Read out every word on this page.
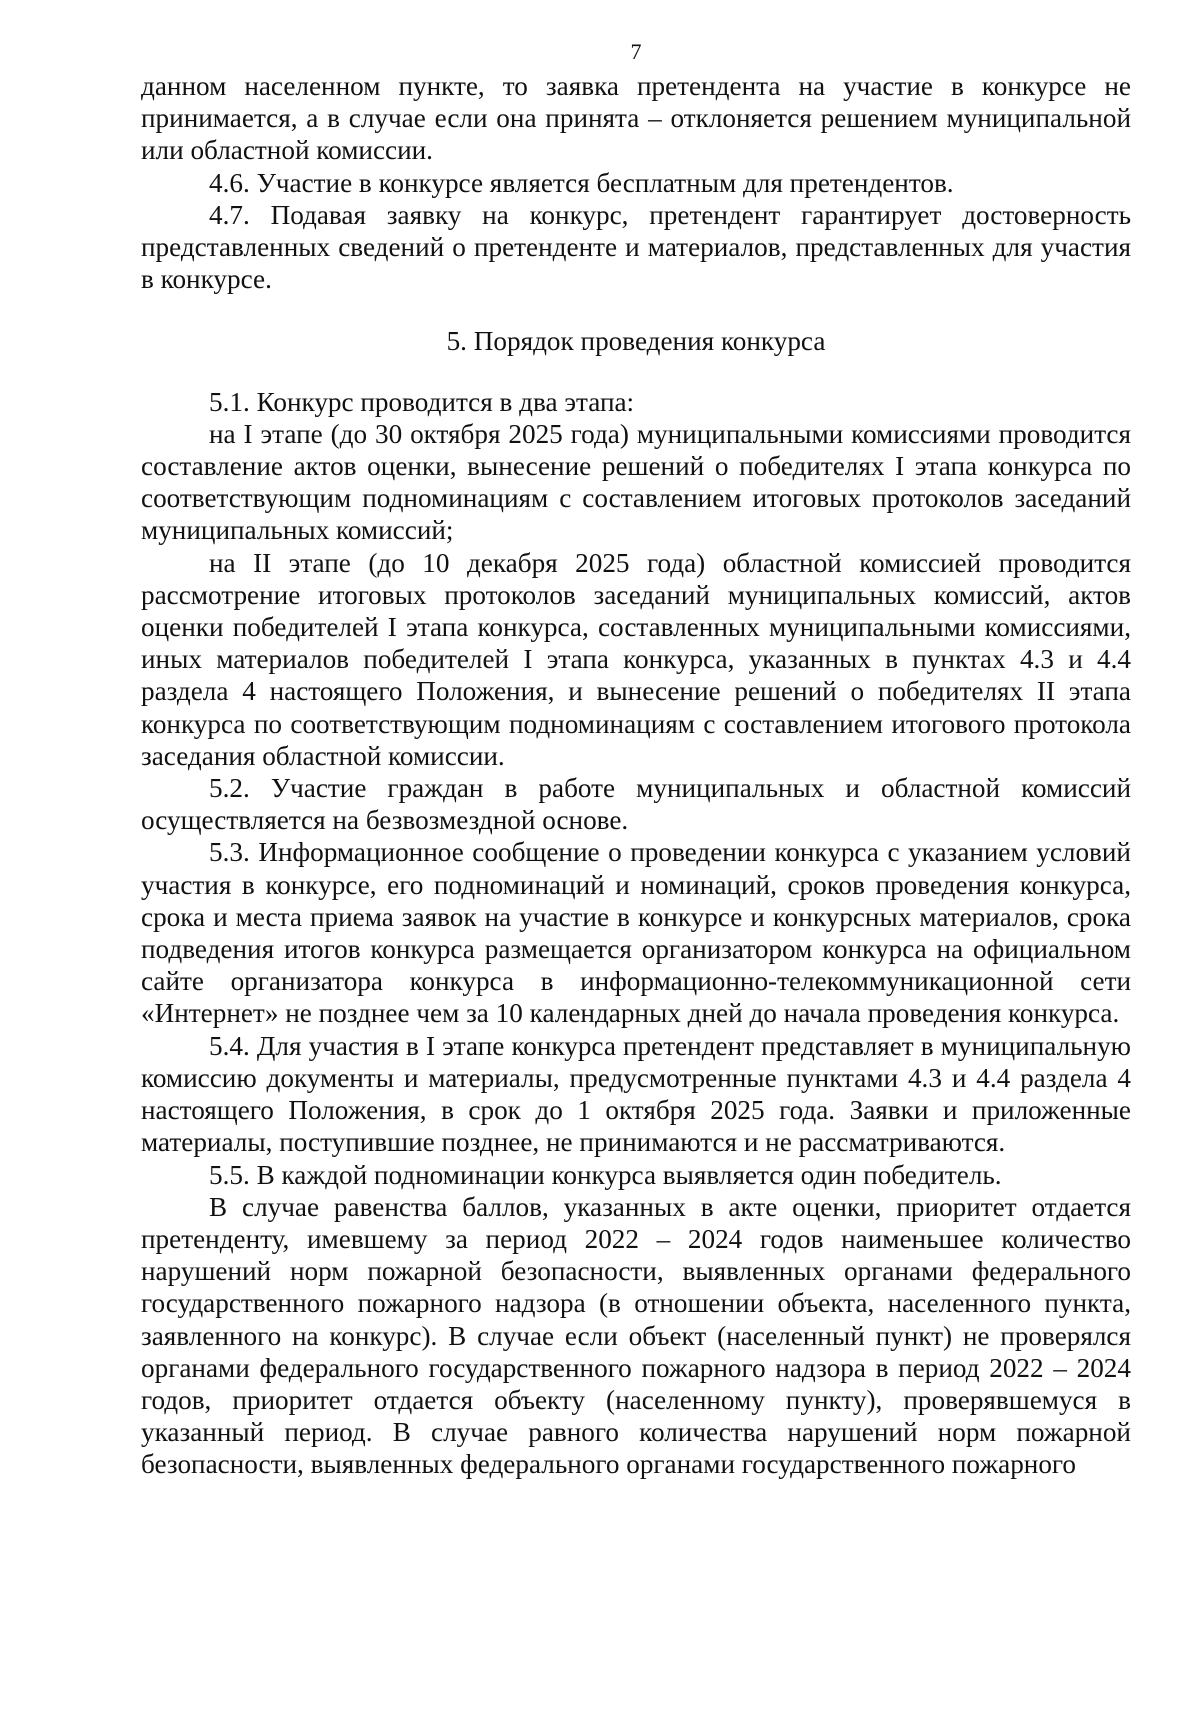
7

данном населенном пункте, то заявка претендента на участие в конкурсе не принимается, а в случае если она принята – отклоняется решением муниципальной или областной комиссии.

4.6. Участие в конкурсе является бесплатным для претендентов.

4.7. Подавая заявку на конкурс, претендент гарантирует достоверность представленных сведений о претенденте и материалов, представленных для участия в конкурсе.

5. Порядок проведения конкурса

5.1. Конкурс проводится в два этапа:

на I этапе (до 30 октября 2025 года) муниципальными комиссиями проводится составление актов оценки, вынесение решений о победителях I этапа конкурса по соответствующим подноминациям с составлением итоговых протоколов заседаний муниципальных комиссий;

на II этапе (до 10 декабря 2025 года) областной комиссией проводится рассмотрение итоговых протоколов заседаний муниципальных комиссий, актов оценки победителей I этапа конкурса, составленных муниципальными комиссиями, иных материалов победителей I этапа конкурса, указанных в пунктах 4.3 и 4.4 раздела 4 настоящего Положения, и вынесение решений о победителях II этапа конкурса по соответствующим подноминациям с составлением итогового протокола заседания областной комиссии.

5.2. Участие граждан в работе муниципальных и областной комиссий осуществляется на безвозмездной основе.

5.3. Информационное сообщение о проведении конкурса с указанием условий участия в конкурсе, его подноминаций и номинаций, сроков проведения конкурса, срока и места приема заявок на участие в конкурсе и конкурсных материалов, срока подведения итогов конкурса размещается организатором конкурса на официальном сайте организатора конкурса в информационно-телекоммуникационной сети «Интернет» не позднее чем за 10 календарных дней до начала проведения конкурса.

5.4. Для участия в I этапе конкурса претендент представляет в муниципальную комиссию документы и материалы, предусмотренные пунктами 4.3 и 4.4 раздела 4 настоящего Положения, в срок до 1 октября 2025 года. Заявки и приложенные материалы, поступившие позднее, не принимаются и не рассматриваются.

5.5. В каждой подноминации конкурса выявляется один победитель.

В случае равенства баллов, указанных в акте оценки, приоритет отдается претенденту, имевшему за период 2022 – 2024 годов наименьшее количество нарушений норм пожарной безопасности, выявленных органами федерального государственного пожарного надзора (в отношении объекта, населенного пункта, заявленного на конкурс). В случае если объект (населенный пункт) не проверялся органами федерального государственного пожарного надзора в период 2022 – 2024 годов, приоритет отдается объекту (населенному пункту), проверявшемуся в указанный период. В случае равного количества нарушений норм пожарной безопасности, выявленных федерального органами государственного пожарного
